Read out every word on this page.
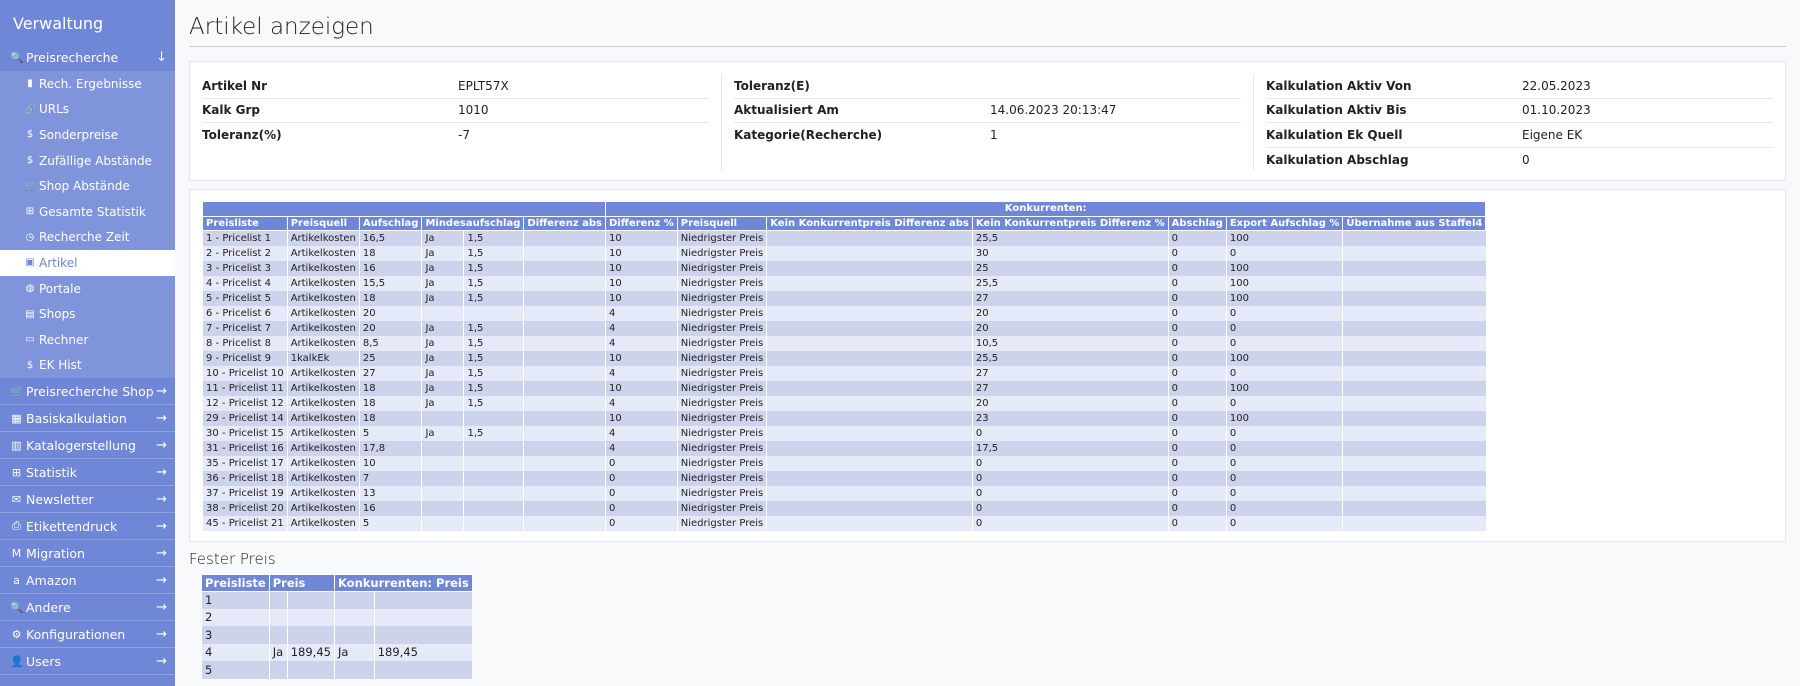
Verwaltung
🔍 Preisrecherche	↓
▮ Rech. Ergebnisse
🔗 URLs
$ Sonderpreise
$ Zufällige Abstände
🛒 Shop Abstände
⊞ Gesamte Statistik
◷ Recherche Zeit
▣ Artikel
◍ Portale
▤ Shops
▭ Rechner
$ EK Hist
🛒 Preisrecherche Shop →
▦ Basiskalkulation	→
▥ Katalogerstellung	→
⊞ Statistik	→
✉ Newsletter	→
⎙ Etikettendruck	→
M Migration	→
a Amazon	→
🔍 Andere	→
⚙ Konfigurationen	→
👤 Users	→
Artikel anzeigen
Artikel Nr	EPLT57X
Kalk Grp	1010
Toleranz(%)	-7
Toleranz(E)
Aktualisiert Am	14.06.2023 20:13:47
Kategorie(Recherche)	1
Kalkulation Aktiv Von	22.05.2023
Kalkulation Aktiv Bis	01.10.2023
Kalkulation Ek Quell	Eigene EK
Kalkulation Abschlag	0
						Konkurrenten:						
Preisliste	Preisquell	Aufschlag	Mindesaufschlag		Differenz abs	Differenz %	Preisquell	Kein Konkurrentpreis Differenz abs	Kein Konkurrentpreis Differenz %	Abschlag	Export Aufschlag %	Übernahme aus Staffel4
1 - Pricelist 1	Artikelkosten	16,5	Ja	1,5		10	Niedrigster Preis		25,5	0	100	
2 - Pricelist 2	Artikelkosten	18	Ja	1,5		10	Niedrigster Preis		30	0	0	
3 - Pricelist 3	Artikelkosten	16	Ja	1,5		10	Niedrigster Preis		25	0	100	
4 - Pricelist 4	Artikelkosten	15,5	Ja	1,5		10	Niedrigster Preis		25,5	0	100	
5 - Pricelist 5	Artikelkosten	18	Ja	1,5		10	Niedrigster Preis		27	0	100	
6 - Pricelist 6	Artikelkosten	20				4	Niedrigster Preis		20	0	0	
7 - Pricelist 7	Artikelkosten	20	Ja	1,5		4	Niedrigster Preis		20	0	0	
8 - Pricelist 8	Artikelkosten	8,5	Ja	1,5		4	Niedrigster Preis		10,5	0	0	
9 - Pricelist 9	1kalkEk	25	Ja	1,5		10	Niedrigster Preis		25,5	0	100	
10 - Pricelist 10	Artikelkosten	27	Ja	1,5		4	Niedrigster Preis		27	0	0	
11 - Pricelist 11	Artikelkosten	18	Ja	1,5		10	Niedrigster Preis		27	0	100	
12 - Pricelist 12	Artikelkosten	18	Ja	1,5		4	Niedrigster Preis		20	0	0	
29 - Pricelist 14	Artikelkosten	18				10	Niedrigster Preis		23	0	100	
30 - Pricelist 15	Artikelkosten	5	Ja	1,5		4	Niedrigster Preis		0	0	0	
31 - Pricelist 16	Artikelkosten	17,8				4	Niedrigster Preis		17,5	0	0	
35 - Pricelist 17	Artikelkosten	10				0	Niedrigster Preis		0	0	0	
36 - Pricelist 18	Artikelkosten	7				0	Niedrigster Preis		0	0	0	
37 - Pricelist 19	Artikelkosten	13				0	Niedrigster Preis		0	0	0	
38 - Pricelist 20	Artikelkosten	16				0	Niedrigster Preis		0	0	0	
45 - Pricelist 21	Artikelkosten	5				0	Niedrigster Preis		0	0	0	
Fester Preis
Preisliste	Preis		Konkurrenten: Preis	
1				
2				
3				
4	Ja	189,45	Ja	189,45
5				
